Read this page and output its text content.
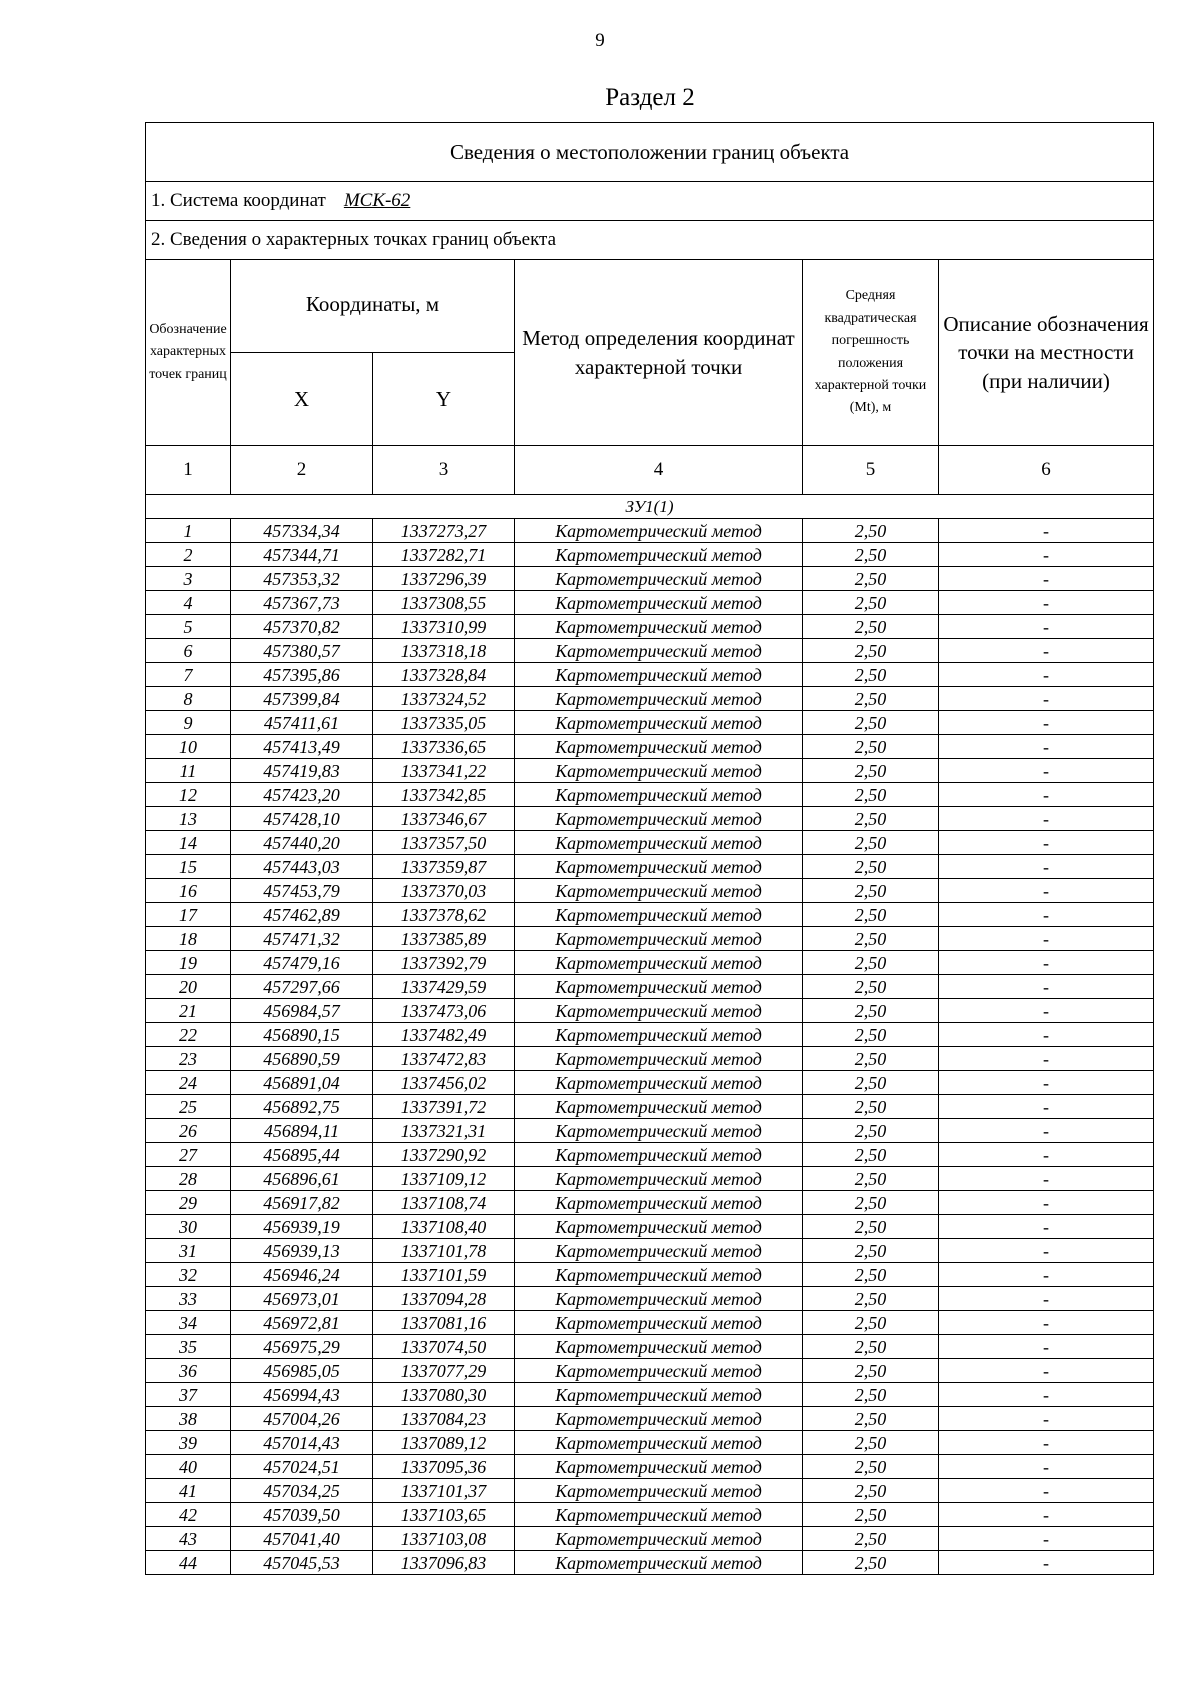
9
Раздел 2
Сведения о местоположении границ объекта					
1. Система координат МСК-62					
2. Сведения о характерных точках границ объекта					
Обозначение характерных точек границ	Координаты, м		Метод определения координат характерной точки	Средняя квадратическая погрешность положения характерной точки (Mt), м	Описание обозначения точки на местности (при наличии)
	X	Y			
1	2	3	4	5	6
ЗУ1(1)					
1	457334,34	1337273,27	Картометрический метод	2,50	-
2	457344,71	1337282,71	Картометрический метод	2,50	-
3	457353,32	1337296,39	Картометрический метод	2,50	-
4	457367,73	1337308,55	Картометрический метод	2,50	-
5	457370,82	1337310,99	Картометрический метод	2,50	-
6	457380,57	1337318,18	Картометрический метод	2,50	-
7	457395,86	1337328,84	Картометрический метод	2,50	-
8	457399,84	1337324,52	Картометрический метод	2,50	-
9	457411,61	1337335,05	Картометрический метод	2,50	-
10	457413,49	1337336,65	Картометрический метод	2,50	-
11	457419,83	1337341,22	Картометрический метод	2,50	-
12	457423,20	1337342,85	Картометрический метод	2,50	-
13	457428,10	1337346,67	Картометрический метод	2,50	-
14	457440,20	1337357,50	Картометрический метод	2,50	-
15	457443,03	1337359,87	Картометрический метод	2,50	-
16	457453,79	1337370,03	Картометрический метод	2,50	-
17	457462,89	1337378,62	Картометрический метод	2,50	-
18	457471,32	1337385,89	Картометрический метод	2,50	-
19	457479,16	1337392,79	Картометрический метод	2,50	-
20	457297,66	1337429,59	Картометрический метод	2,50	-
21	456984,57	1337473,06	Картометрический метод	2,50	-
22	456890,15	1337482,49	Картометрический метод	2,50	-
23	456890,59	1337472,83	Картометрический метод	2,50	-
24	456891,04	1337456,02	Картометрический метод	2,50	-
25	456892,75	1337391,72	Картометрический метод	2,50	-
26	456894,11	1337321,31	Картометрический метод	2,50	-
27	456895,44	1337290,92	Картометрический метод	2,50	-
28	456896,61	1337109,12	Картометрический метод	2,50	-
29	456917,82	1337108,74	Картометрический метод	2,50	-
30	456939,19	1337108,40	Картометрический метод	2,50	-
31	456939,13	1337101,78	Картометрический метод	2,50	-
32	456946,24	1337101,59	Картометрический метод	2,50	-
33	456973,01	1337094,28	Картометрический метод	2,50	-
34	456972,81	1337081,16	Картометрический метод	2,50	-
35	456975,29	1337074,50	Картометрический метод	2,50	-
36	456985,05	1337077,29	Картометрический метод	2,50	-
37	456994,43	1337080,30	Картометрический метод	2,50	-
38	457004,26	1337084,23	Картометрический метод	2,50	-
39	457014,43	1337089,12	Картометрический метод	2,50	-
40	457024,51	1337095,36	Картометрический метод	2,50	-
41	457034,25	1337101,37	Картометрический метод	2,50	-
42	457039,50	1337103,65	Картометрический метод	2,50	-
43	457041,40	1337103,08	Картометрический метод	2,50	-
44	457045,53	1337096,83	Картометрический метод	2,50	-
